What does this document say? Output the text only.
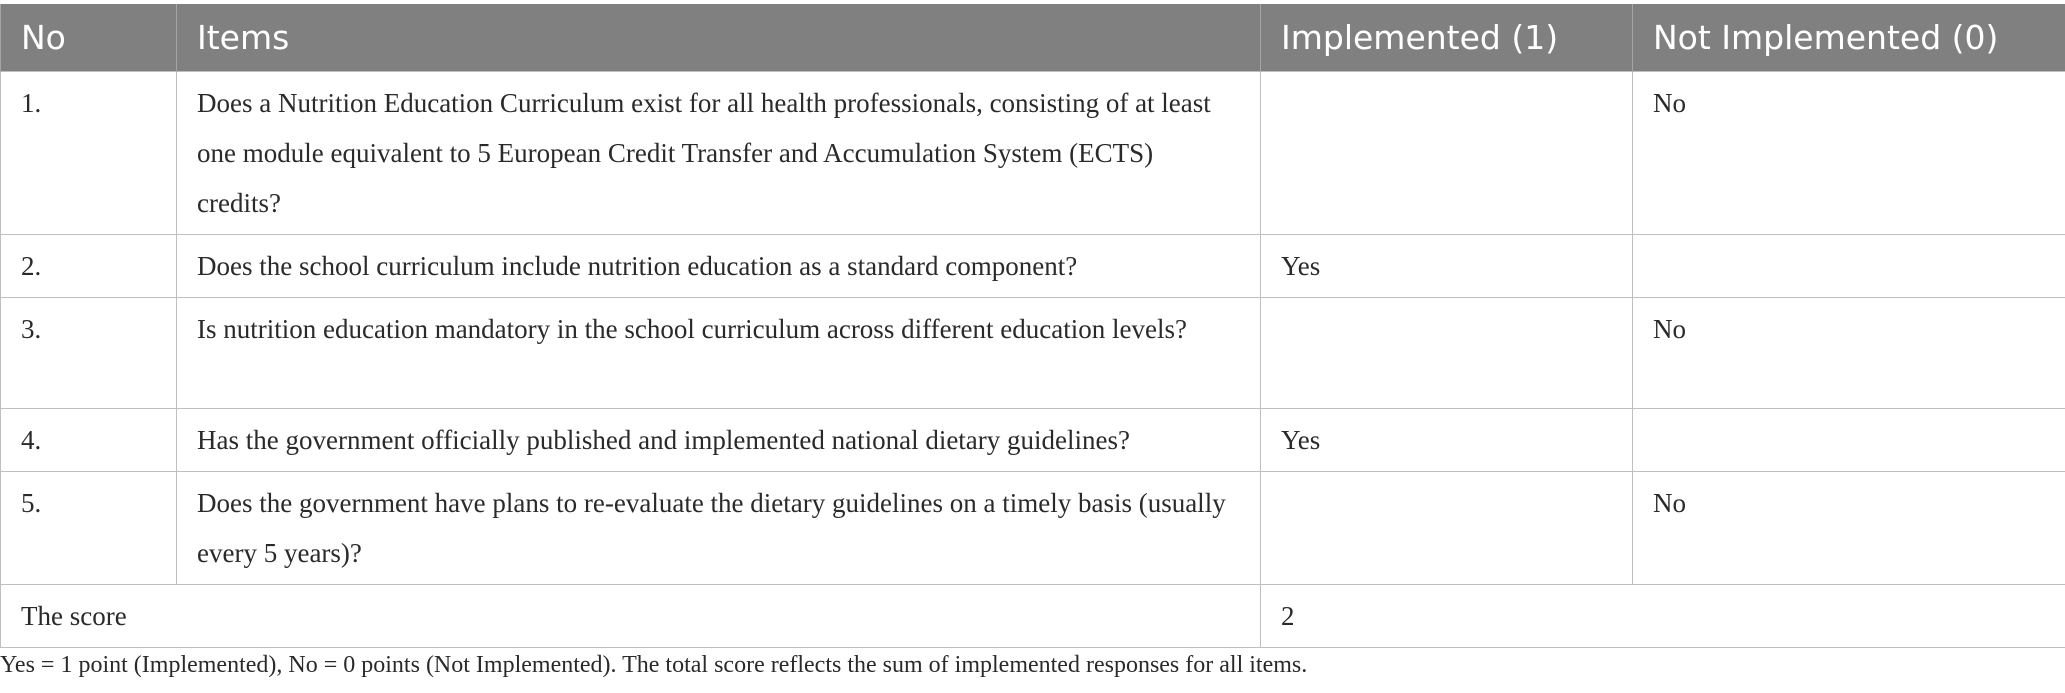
No	Items	Implemented (1)	Not Implemented (0)
1.	Does a Nutrition Education Curriculum exist for all health professionals, consisting of at least one module equivalent to 5 European Credit Transfer and Accumulation System (ECTS) credits?		No
2.	Does the school curriculum include nutrition education as a standard component?	Yes	
3.	Is nutrition education mandatory in the school curriculum across different education levels?		No
4.	Has the government officially published and implemented national dietary guidelines?	Yes	
5.	Does the government have plans to re-evaluate the dietary guidelines on a timely basis (usually every 5 years)?		No
The score		2	
Yes = 1 point (Implemented), No = 0 points (Not Implemented). The total score reflects the sum of implemented responses for all items.
